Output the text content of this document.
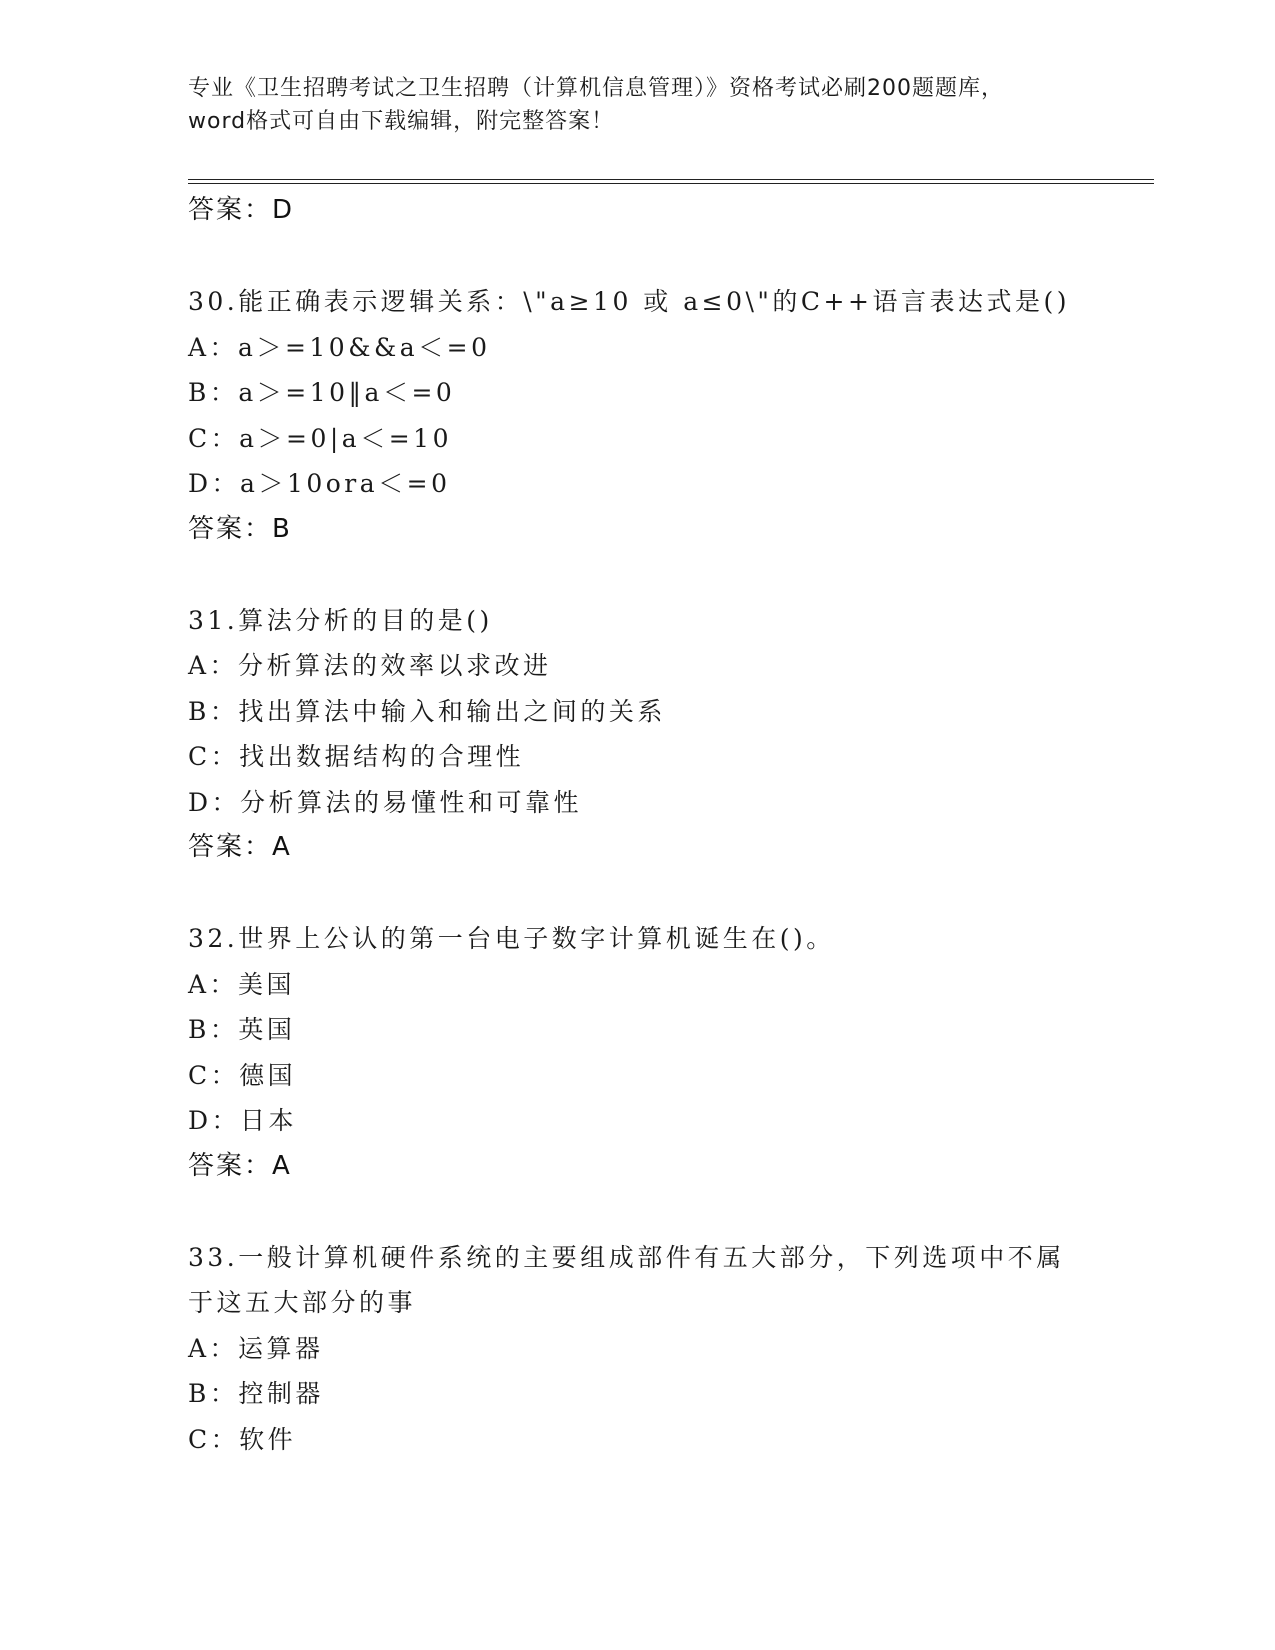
专业《卫生招聘考试之卫生招聘（计算机信息管理）》资格考试必刷200题题库，
word格式可自由下载编辑，附完整答案！
答案：D
30.能正确表示逻辑关系：\"a≥10 或 a≤0\"的C++语言表达式是()
A：a＞=10&&a＜=0
B：a＞=10‖a＜=0
C：a＞=0|a＜=10
D：a＞10ora＜=0
答案：B
31.算法分析的目的是()
A：分析算法的效率以求改进
B：找出算法中输入和输出之间的关系
C：找出数据结构的合理性
D：分析算法的易懂性和可靠性
答案：A
32.世界上公认的第一台电子数字计算机诞生在()。
A：美国
B：英国
C：德国
D：日本
答案：A
33.一般计算机硬件系统的主要组成部件有五大部分，下列选项中不属
于这五大部分的事
A：运算器
B：控制器
C：软件
